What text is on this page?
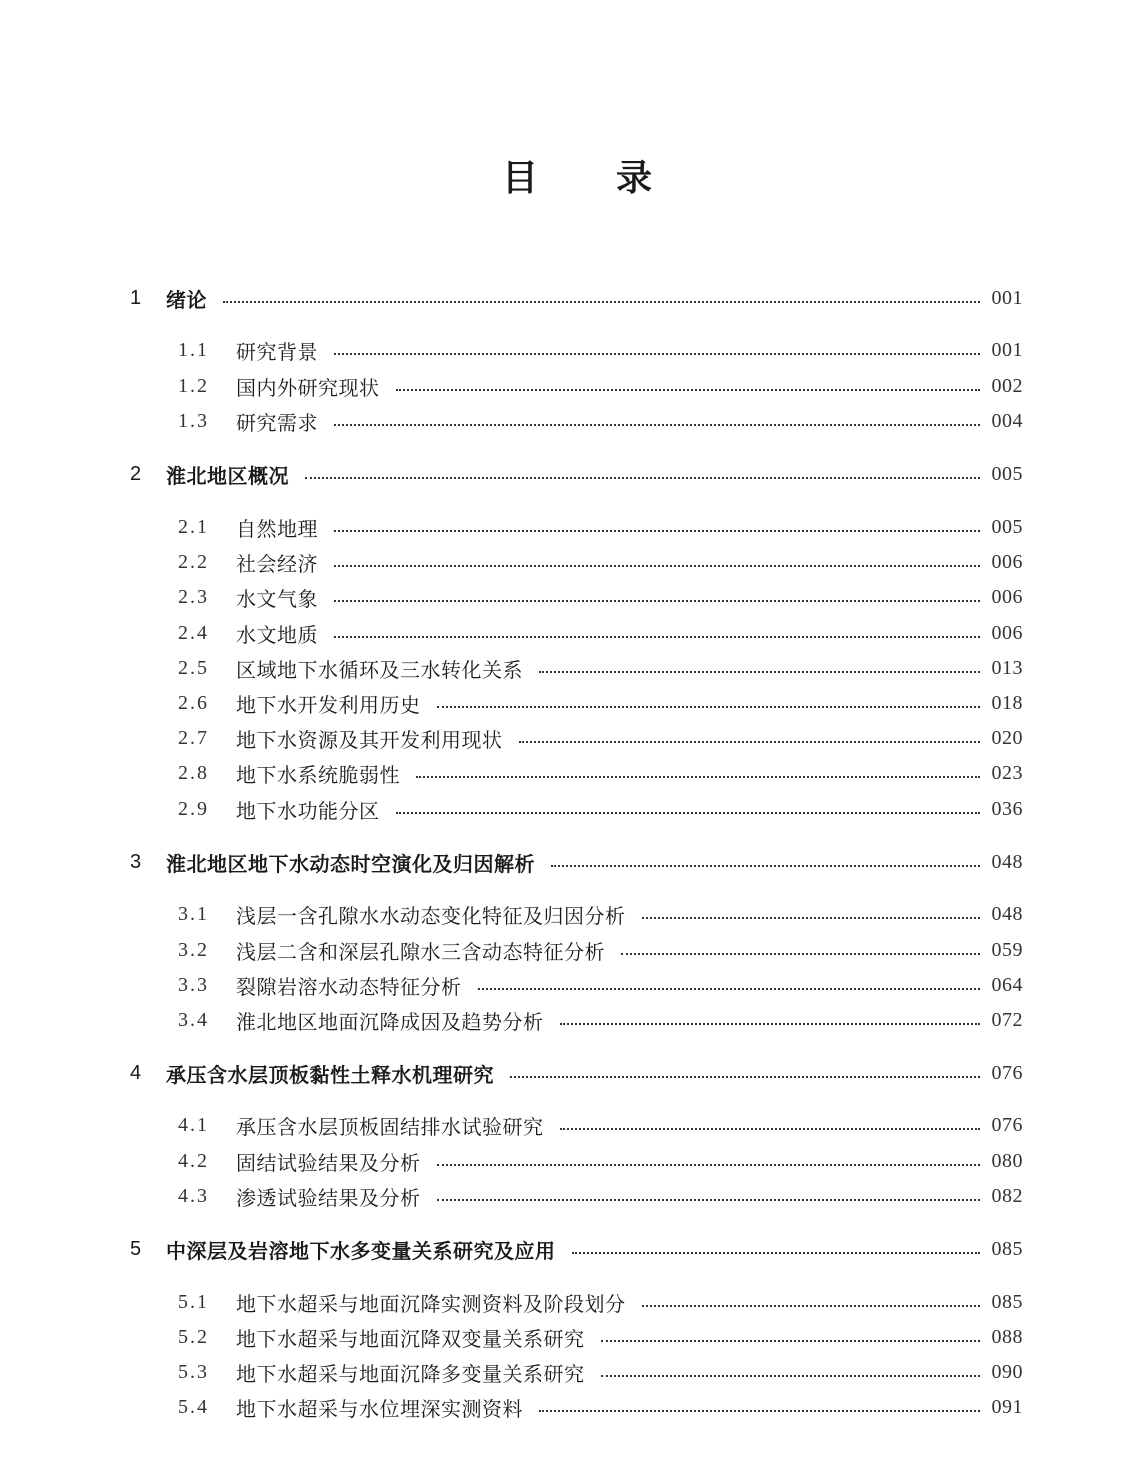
目　　录
1	绪论	001
1.1	研究背景	001
1.2	国内外研究现状	002
1.3	研究需求	004
2	淮北地区概况	005
2.1	自然地理	005
2.2	社会经济	006
2.3	水文气象	006
2.4	水文地质	006
2.5	区域地下水循环及三水转化关系	013
2.6	地下水开发利用历史	018
2.7	地下水资源及其开发利用现状	020
2.8	地下水系统脆弱性	023
2.9	地下水功能分区	036
3	淮北地区地下水动态时空演化及归因解析	048
3.1	浅层一含孔隙水水动态变化特征及归因分析	048
3.2	浅层二含和深层孔隙水三含动态特征分析	059
3.3	裂隙岩溶水动态特征分析	064
3.4	淮北地区地面沉降成因及趋势分析	072
4	承压含水层顶板黏性土释水机理研究	076
4.1	承压含水层顶板固结排水试验研究	076
4.2	固结试验结果及分析	080
4.3	渗透试验结果及分析	082
5	中深层及岩溶地下水多变量关系研究及应用	085
5.1	地下水超采与地面沉降实测资料及阶段划分	085
5.2	地下水超采与地面沉降双变量关系研究	088
5.3	地下水超采与地面沉降多变量关系研究	090
5.4	地下水超采与水位埋深实测资料	091
